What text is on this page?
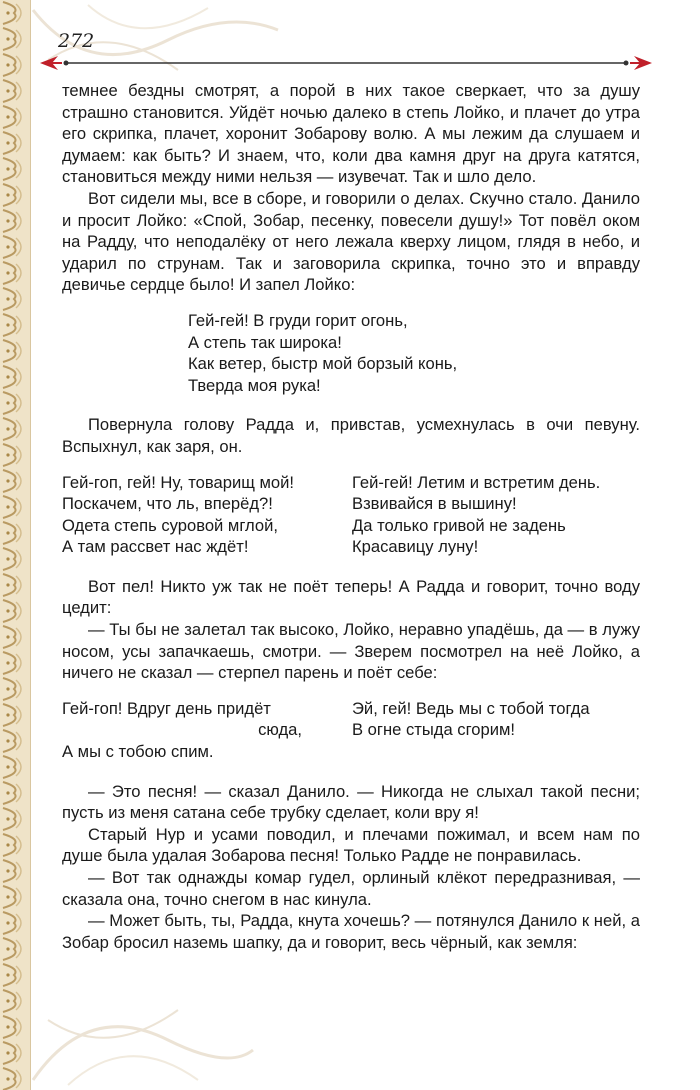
272

темнее бездны смотрят, а порой в них такое сверкает, что за душу страшно становится. Уйдёт ночью далеко в степь Лойко, и плачет до утра его скрипка, плачет, хоронит Зобарову волю. А мы лежим да слушаем и думаем: как быть? И знаем, что, коли два камня друг на друга катятся, становиться между ними нельзя — изувечат. Так и шло дело.

Вот сидели мы, все в сборе, и говорили о делах. Скучно стало. Данило и просит Лойко: «Спой, Зобар, песенку, повесели душу!» Тот повёл оком на Радду, что неподалёку от него лежала кверху лицом, глядя в небо, и ударил по струнам. Так и заговорила скрипка, точно это и вправду девичье сердце было! И запел Лойко:

Гей-гей! В груди горит огонь,
А степь так широка!
Как ветер, быстр мой борзый конь,
Тверда моя рука!

Повернула голову Радда и, привстав, усмехнулась в очи певуну. Вспыхнул, как заря, он.

Гей-гоп, гей! Ну, товарищ мой!
Поскачем, что ль, вперёд?!
Одета степь суровой мглой,
А там рассвет нас ждёт!
Гей-гей! Летим и встретим день.
Взвивайся в вышину!
Да только гривой не задень
Красавицу луну!

Вот пел! Никто уж так не поёт теперь! А Радда и говорит, точно воду цедит:

— Ты бы не залетал так высоко, Лойко, неравно упадёшь, да — в лужу носом, усы запачкаешь, смотри. — Зверем посмотрел на неё Лойко, а ничего не сказал — стерпел парень и поёт себе:

Гей-гоп! Вдруг день придёт
сюда,
А мы с тобою спим.
Эй, гей! Ведь мы с тобой тогда
В огне стыда сгорим!

— Это песня! — сказал Данило. — Никогда не слыхал такой песни; пусть из меня сатана себе трубку сделает, коли вру я!

Старый Нур и усами поводил, и плечами пожимал, и всем нам по душе была удалая Зобарова песня! Только Радде не понравилась.

— Вот так однажды комар гудел, орлиный клёкот передразнивая, — сказала она, точно снегом в нас кинула.

— Может быть, ты, Радда, кнута хочешь? — потянулся Данило к ней, а Зобар бросил наземь шапку, да и говорит, весь чёрный, как земля:
